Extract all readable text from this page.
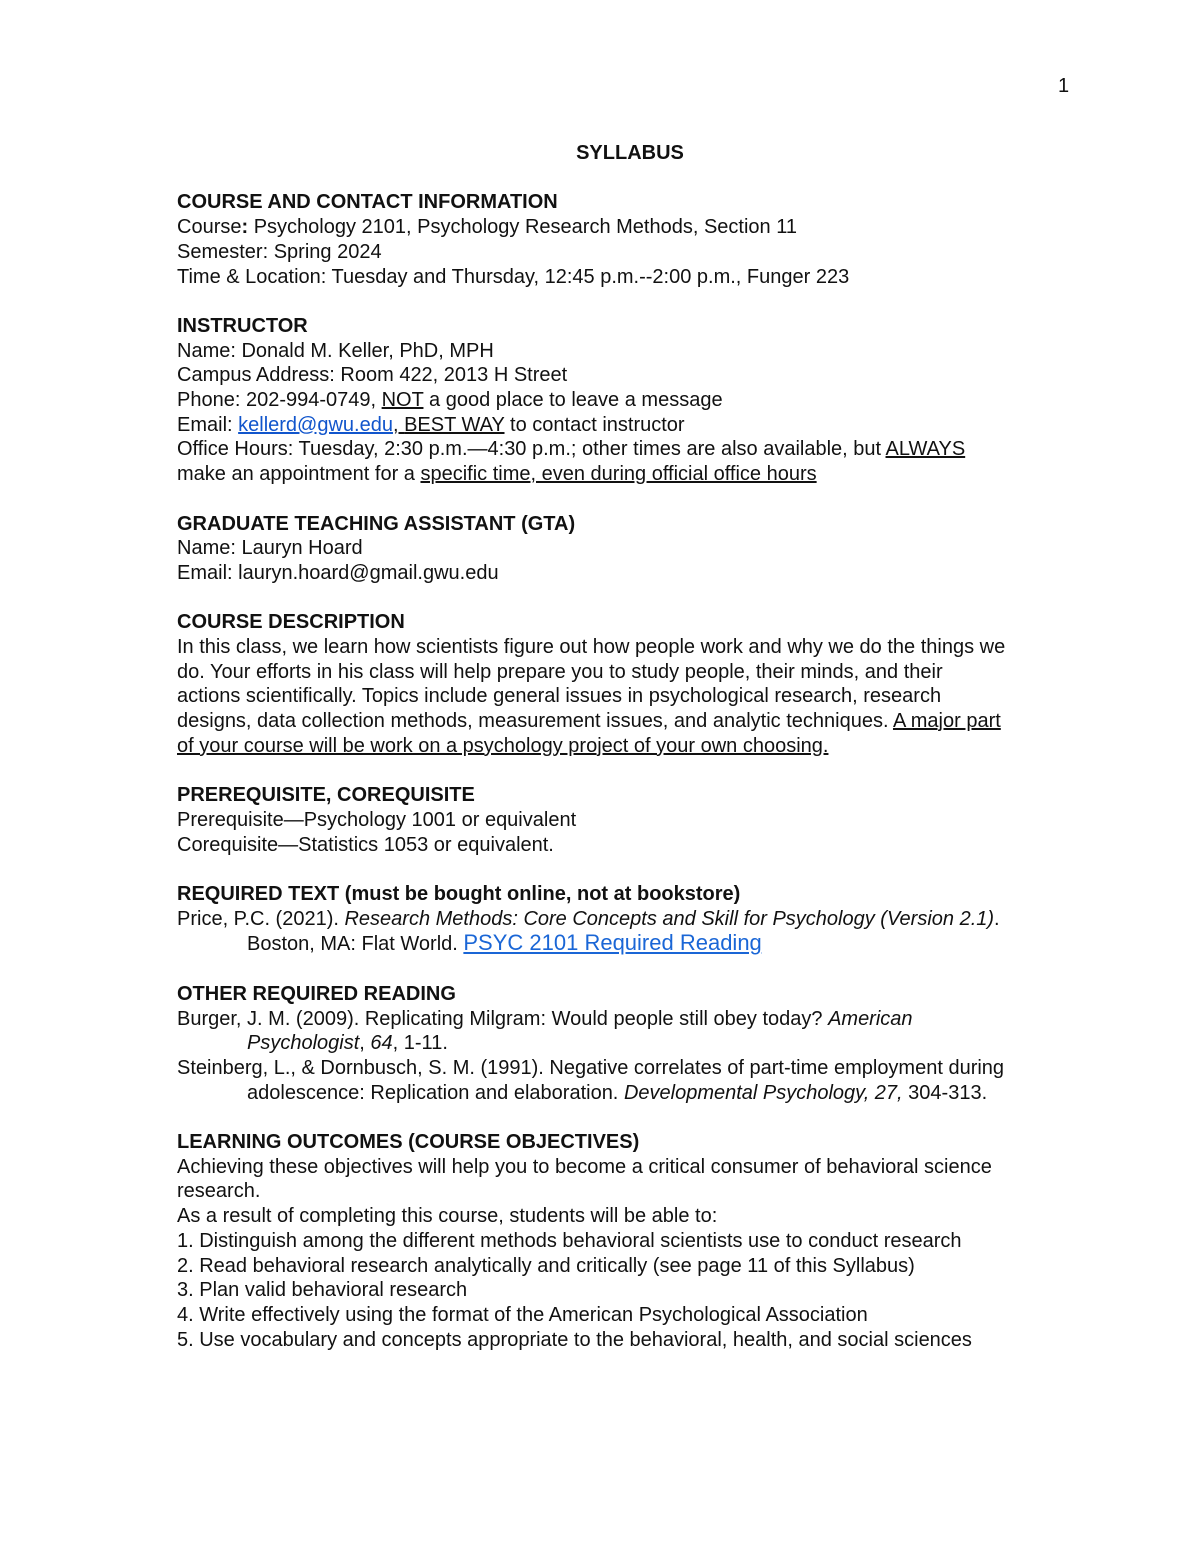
1
SYLLABUS
COURSE AND CONTACT INFORMATION
Course: Psychology 2101, Psychology Research Methods, Section 11
Semester: Spring 2024
Time & Location: Tuesday and Thursday, 12:45 p.m.--2:00 p.m., Funger 223
INSTRUCTOR
Name: Donald M. Keller, PhD, MPH
Campus Address: Room 422, 2013 H Street
Phone: 202-994-0749, NOT a good place to leave a message
Email: kellerd@gwu.edu, BEST WAY to contact instructor
Office Hours: Tuesday, 2:30 p.m.—4:30 p.m.; other times are also available, but ALWAYS
make an appointment for a specific time, even during official office hours
GRADUATE TEACHING ASSISTANT (GTA)
Name: Lauryn Hoard
Email: lauryn.hoard@gmail.gwu.edu
COURSE DESCRIPTION
In this class, we learn how scientists figure out how people work and why we do the things we
do. Your efforts in his class will help prepare you to study people, their minds, and their
actions scientifically. Topics include general issues in psychological research, research
designs, data collection methods, measurement issues, and analytic techniques. A major part
of your course will be work on a psychology project of your own choosing.
PREREQUISITE, COREQUISITE
Prerequisite—Psychology 1001 or equivalent
Corequisite—Statistics 1053 or equivalent.
REQUIRED TEXT (must be bought online, not at bookstore)
Price, P.C. (2021). Research Methods: Core Concepts and Skill for Psychology (Version 2.1).
Boston, MA: Flat World. PSYC 2101 Required Reading
OTHER REQUIRED READING
Burger, J. M. (2009). Replicating Milgram: Would people still obey today? American
Psychologist, 64, 1-11.
Steinberg, L., & Dornbusch, S. M. (1991). Negative correlates of part-time employment during
adolescence: Replication and elaboration. Developmental Psychology, 27, 304-313.
LEARNING OUTCOMES (COURSE OBJECTIVES)
Achieving these objectives will help you to become a critical consumer of behavioral science
research.
As a result of completing this course, students will be able to:
1. Distinguish among the different methods behavioral scientists use to conduct research
2. Read behavioral research analytically and critically (see page 11 of this Syllabus)
3. Plan valid behavioral research
4. Write effectively using the format of the American Psychological Association
5. Use vocabulary and concepts appropriate to the behavioral, health, and social sciences
